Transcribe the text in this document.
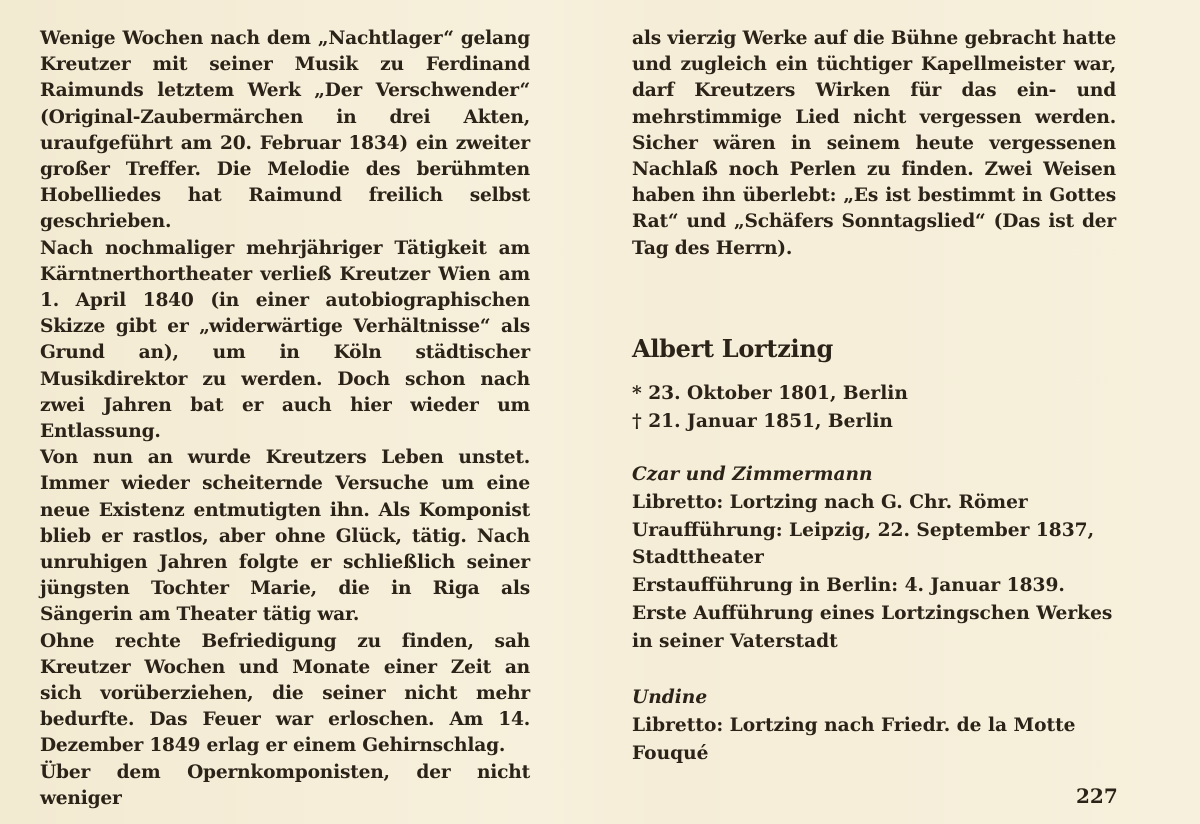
Wenige Wochen nach dem „Nachtlager“ gelang Kreutzer mit seiner Musik zu Ferdinand Raimunds letztem Werk „Der Verschwender“ (Original-Zaubermärchen in drei Akten, uraufgeführt am 20. Februar 1834) ein zweiter großer Treffer. Die Melodie des berühmten Hobelliedes hat Raimund freilich selbst geschrieben.

Nach nochmaliger mehrjähriger Tätigkeit am Kärntnerthortheater verließ Kreutzer Wien am 1. April 1840 (in einer autobiographischen Skizze gibt er „widerwärtige Verhältnisse“ als Grund an), um in Köln städtischer Musikdirektor zu werden. Doch schon nach zwei Jahren bat er auch hier wieder um Entlassung.

Von nun an wurde Kreutzers Leben unstet. Immer wieder scheiternde Versuche um eine neue Existenz entmutigten ihn. Als Komponist blieb er rastlos, aber ohne Glück, tätig. Nach unruhigen Jahren folgte er schließlich seiner jüngsten Tochter Marie, die in Riga als Sängerin am Theater tätig war.

Ohne rechte Befriedigung zu finden, sah Kreutzer Wochen und Monate einer Zeit an sich vorüberziehen, die seiner nicht mehr bedurfte. Das Feuer war erloschen. Am 14. Dezember 1849 erlag er einem Gehirnschlag.

Über dem Opernkomponisten, der nicht weniger

als vierzig Werke auf die Bühne gebracht hatte und zugleich ein tüchtiger Kapellmeister war, darf Kreutzers Wirken für das ein- und mehrstimmige Lied nicht vergessen werden. Sicher wären in seinem heute vergessenen Nachlaß noch Perlen zu finden. Zwei Weisen haben ihn überlebt: „Es ist bestimmt in Gottes Rat“ und „Schäfers Sonntagslied“ (Das ist der Tag des Herrn).

Albert Lortzing
* 23. Oktober 1801, Berlin
† 21. Januar 1851, Berlin
Czar und Zimmermann
Libretto: Lortzing nach G. Chr. Römer
Uraufführung: Leipzig, 22. September 1837,
Stadttheater
Erstaufführung in Berlin: 4. Januar 1839.
Erste Aufführung eines Lortzingschen Werkes
in seiner Vaterstadt
Undine
Libretto: Lortzing nach Friedr. de la Motte
Fouqué
227
